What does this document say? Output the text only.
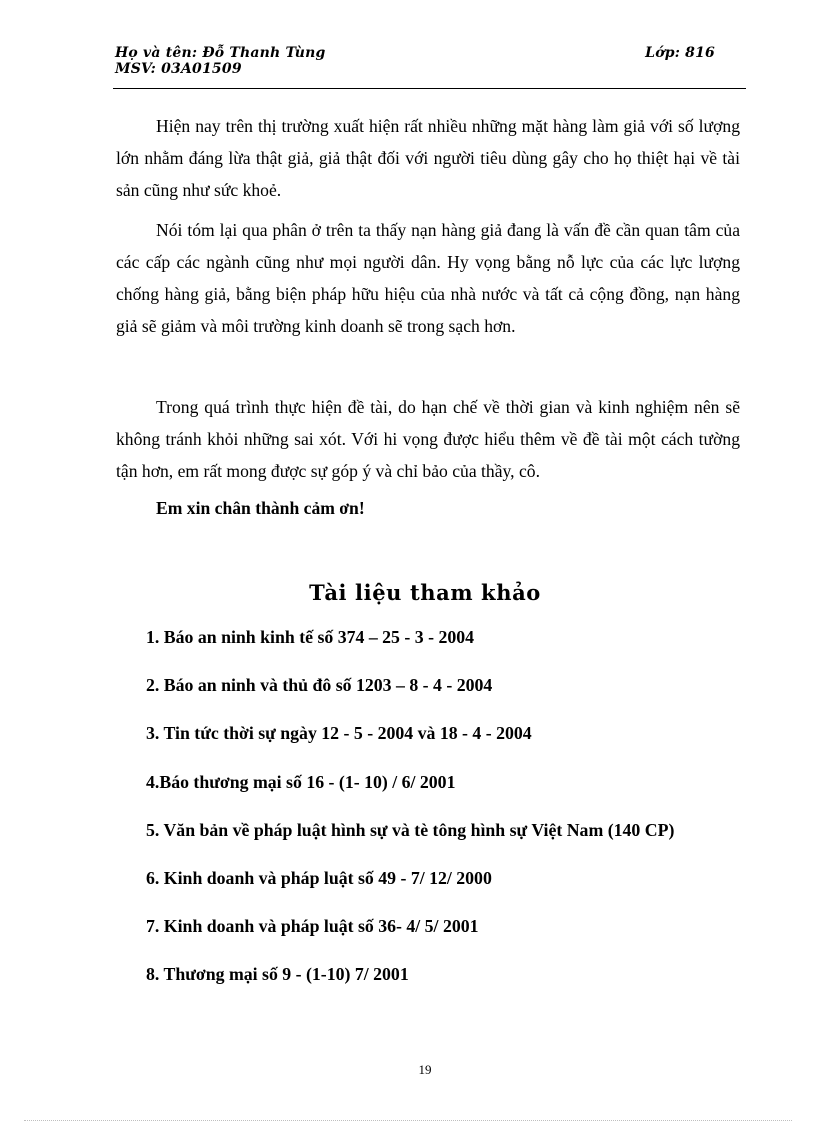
Họ và tên: Đỗ Thanh Tùng
MSV: 03A01509
Lớp: 816

Hiện nay trên thị trường xuất hiện rất nhiều những mặt hàng làm giả với số lượng lớn nhằm đáng lừa thật giả, giả thật đối với người tiêu dùng gây cho họ thiệt hại về tài sản cũng như sức khoẻ.

Nói tóm lại qua phân ở trên ta thấy nạn hàng giả đang là vấn đề cần quan tâm của các cấp các ngành cũng như mọi người dân. Hy vọng bằng nỗ lực của các lực lượng chống hàng giả, bằng biện pháp hữu hiệu của nhà nước và tất cả cộng đồng, nạn hàng giả sẽ giảm và môi trường kinh doanh sẽ trong sạch hơn.

Trong quá trình thực hiện đề tài, do hạn chế về thời gian và kinh nghiệm nên sẽ không tránh khỏi những sai xót. Với hi vọng được hiểu thêm về đề tài một cách tường tận hơn, em rất mong được sự góp ý và chỉ bảo của thầy, cô.

Em xin chân thành cảm ơn!
Tài liệu tham khảo
1. Báo an ninh kinh tế số 374 – 25 - 3 - 2004
2. Báo an ninh và thủ đô số 1203 – 8 - 4 - 2004
3. Tin tức thời sự ngày 12 - 5 - 2004 và 18 - 4 - 2004
4.Báo thương mại số 16 - (1- 10) / 6/ 2001
5. Văn bản về pháp luật hình sự và tè tông hình sự Việt Nam (140 CP)
6. Kinh doanh và pháp luật số 49 - 7/ 12/ 2000
7. Kinh doanh và pháp luật số 36- 4/ 5/ 2001
8. Thương mại số 9 - (1-10) 7/ 2001
19
